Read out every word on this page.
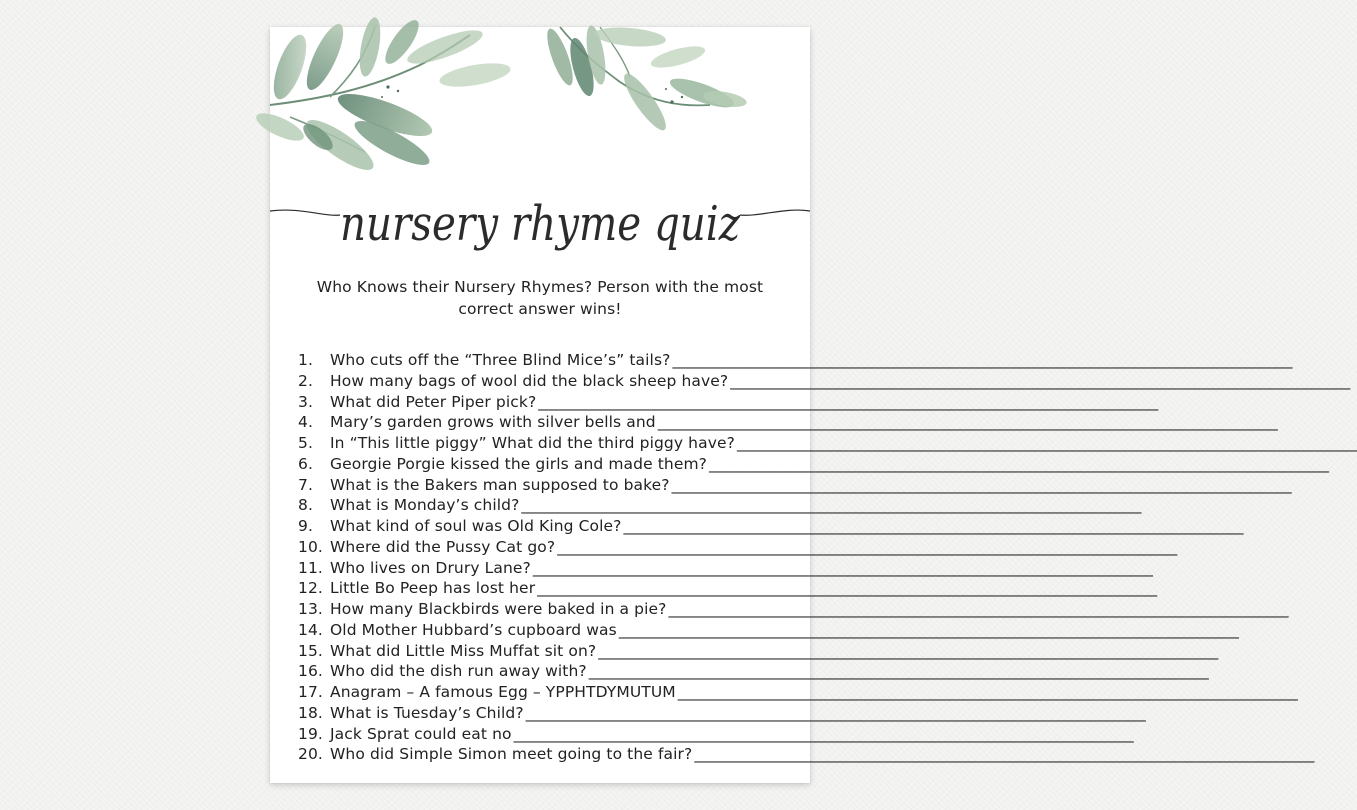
nursery rhyme quiz
Who Knows their Nursery Rhymes? Person with the most correct answer wins!
1.	Who cuts off the “Three Blind Mice’s” tails? ________________________________________________________________________________
2.	How many bags of wool did the black sheep have? ________________________________________________________________________________
3.	What did Peter Piper pick? ________________________________________________________________________________
4.	Mary’s garden grows with silver bells and ________________________________________________________________________________
5.	In “This little piggy” What did the third piggy have? ________________________________________________________________________________
6.	Georgie Porgie kissed the girls and made them? ________________________________________________________________________________
7.	What is the Bakers man supposed to bake? ________________________________________________________________________________
8.	What is Monday’s child? ________________________________________________________________________________
9.	What kind of soul was Old King Cole? ________________________________________________________________________________
10. Where did the Pussy Cat go? ________________________________________________________________________________
11. Who lives on Drury Lane? ________________________________________________________________________________
12. Little Bo Peep has lost her ________________________________________________________________________________
13. How many Blackbirds were baked in a pie? ________________________________________________________________________________
14. Old Mother Hubbard’s cupboard was ________________________________________________________________________________
15. What did Little Miss Muffat sit on? ________________________________________________________________________________
16. Who did the dish run away with? ________________________________________________________________________________
17. Anagram – A famous Egg – YPPHTDYMUTUM ________________________________________________________________________________
18. What is Tuesday’s Child? ________________________________________________________________________________
19. Jack Sprat could eat no ________________________________________________________________________________
20. Who did Simple Simon meet going to the fair? ________________________________________________________________________________
